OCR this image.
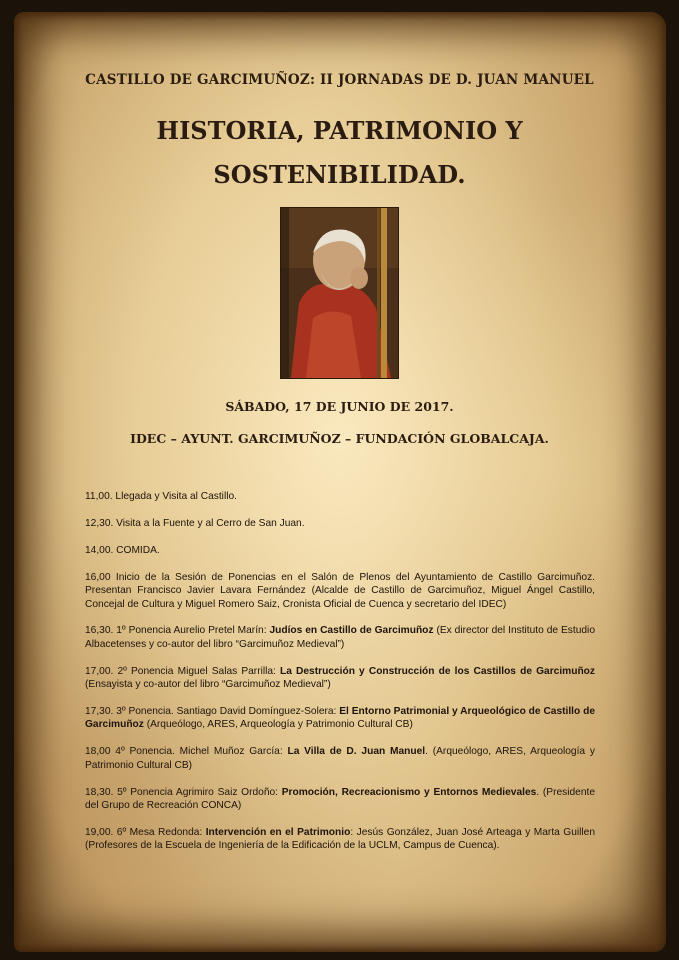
CASTILLO DE GARCIMUÑOZ: II JORNADAS DE D. JUAN MANUEL
HISTORIA, PATRIMONIO Y
SOSTENIBILIDAD.
SÁBADO, 17 DE JUNIO DE 2017.
IDEC – AYUNT. GARCIMUÑOZ – FUNDACIÓN GLOBALCAJA.
11,00. Llegada y Visita al Castillo.
12,30. Visita a la Fuente y al Cerro de San Juan.
14,00. COMIDA.
16,00 Inicio de la Sesión de Ponencias en el Salón de Plenos del Ayuntamiento de Castillo Garcimuñoz. Presentan Francisco Javier Lavara Fernández (Alcalde de Castillo de Garcimuñoz, Miguel Ángel Castillo, Concejal de Cultura y Miguel Romero Saiz, Cronista Oficial de Cuenca y secretario del IDEC)
16,30. 1º Ponencia Aurelio Pretel Marín: Judíos en Castillo de Garcimuñoz (Ex director del Instituto de Estudio Albacetenses y co-autor del libro “Garcimuñoz Medieval”)
17,00. 2º Ponencia Miguel Salas Parrilla: La Destrucción y Construcción de los Castillos de Garcimuñoz (Ensayista y co-autor del libro “Garcimuñoz Medieval”)
17,30. 3º Ponencia. Santiago David Domínguez-Solera: El Entorno Patrimonial y Arqueológico de Castillo de Garcimuñoz (Arqueólogo, ARES, Arqueología y Patrimonio Cultural CB)
18,00 4º Ponencia. Michel Muñoz García: La Villa de D. Juan Manuel. (Arqueólogo, ARES, Arqueología y Patrimonio Cultural CB)
18,30. 5º Ponencia Agrimiro Saiz Ordoño: Promoción, Recreacionismo y Entornos Medievales. (Presidente del Grupo de Recreación CONCA)
19,00. 6º Mesa Redonda: Intervención en el Patrimonio: Jesús González, Juan José Arteaga y Marta Guillen (Profesores de la Escuela de Ingeniería de la Edificación de la UCLM, Campus de Cuenca).
